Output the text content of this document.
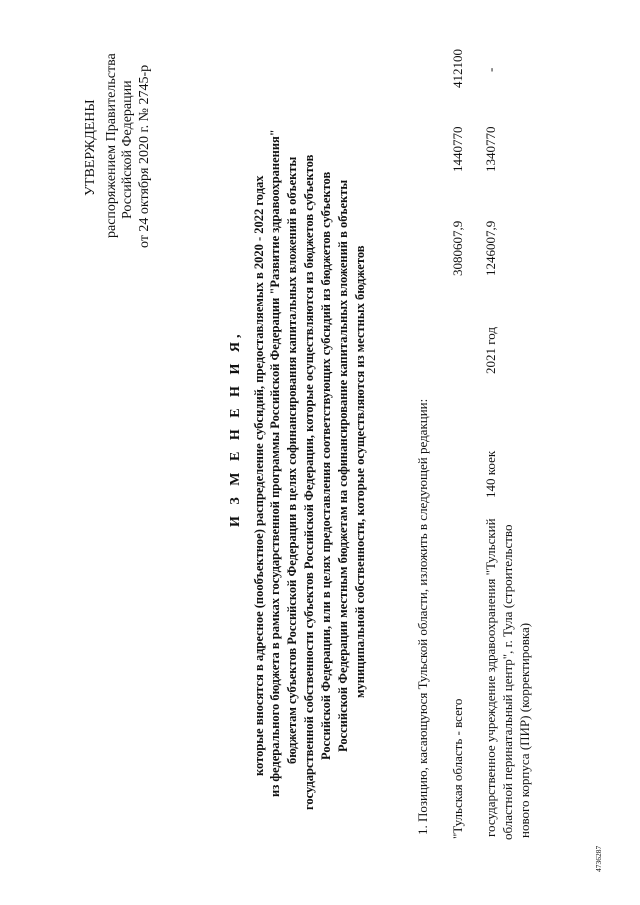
УТВЕРЖДЕНЫ распоряжением Правительства Российской Федерации от 24 октября 2020 г. № 2745-р

И З М Е Н Е Н И Я, которые вносятся в адресное (пообъектное) распределение субсидий, предоставляемых в 2020 - 2022 годах из федерального бюджета в рамках государственной программы Российской Федерации "Развитие здравоохранения" бюджетам субъектов Российской Федерации в целях софинансирования капитальных вложений в объекты государственной собственности субъектов Российской Федерации, которые осуществляются из бюджетов субъектов Российской Федерации, или в целях предоставления соответствующих субсидий из бюджетов субъектов Российской Федерации местным бюджетам на софинансирование капитальных вложений в объекты муниципальной собственности, которые осуществляются из местных бюджетов	1. Позицию, касающуюся Тульской области, изложить в следующей редакции: "Тульская область - всего

3080607,9

1440770

412100

государственное учреждение здравоохранения "Тульский областной перинатальный центр", г. Тула (строительство нового корпуса (ПИР) (корректировка)

140 коек

2021 год

1246007,9

1340770

-

4736287
